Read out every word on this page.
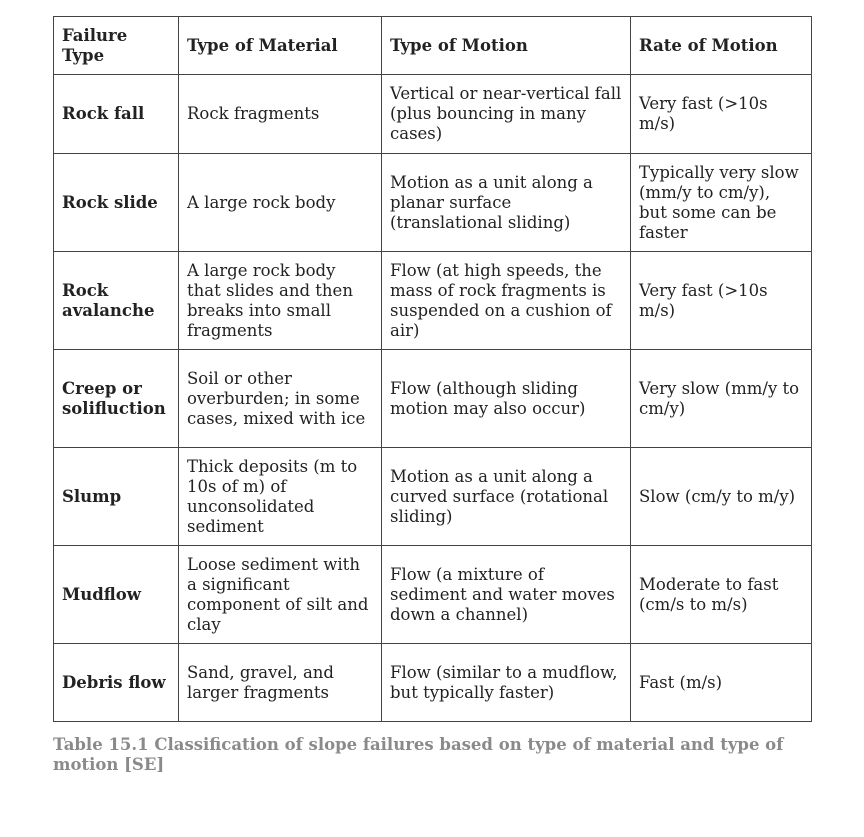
Failure Type	Type of Material	Type of Motion	Rate of Motion
Rock fall	Rock fragments	Vertical or near-vertical fall (plus bouncing in many cases)	Very fast (>10s m/s)
Rock slide	A large rock body	Motion as a unit along a planar surface (translational sliding)	Typically very slow (mm/y to cm/y), but some can be faster
Rock avalanche	A large rock body that slides and then breaks into small fragments	Flow (at high speeds, the mass of rock fragments is suspended on a cushion of air)	Very fast (>10s m/s)
Creep or solifluction	Soil or other overburden; in some cases, mixed with ice	Flow (although sliding motion may also occur)	Very slow (mm/y to cm/y)
Slump	Thick deposits (m to 10s of m) of unconsolidated sediment	Motion as a unit along a curved surface (rotational sliding)	Slow (cm/y to m/y)
Mudflow	Loose sediment with a significant component of silt and clay	Flow (a mixture of sediment and water moves down a channel)	Moderate to fast (cm/s to m/s)
Debris flow	Sand, gravel, and larger fragments	Flow (similar to a mudflow, but typically faster)	Fast (m/s)
Table 15.1 Classification of slope failures based on type of material and type of motion [SE]
